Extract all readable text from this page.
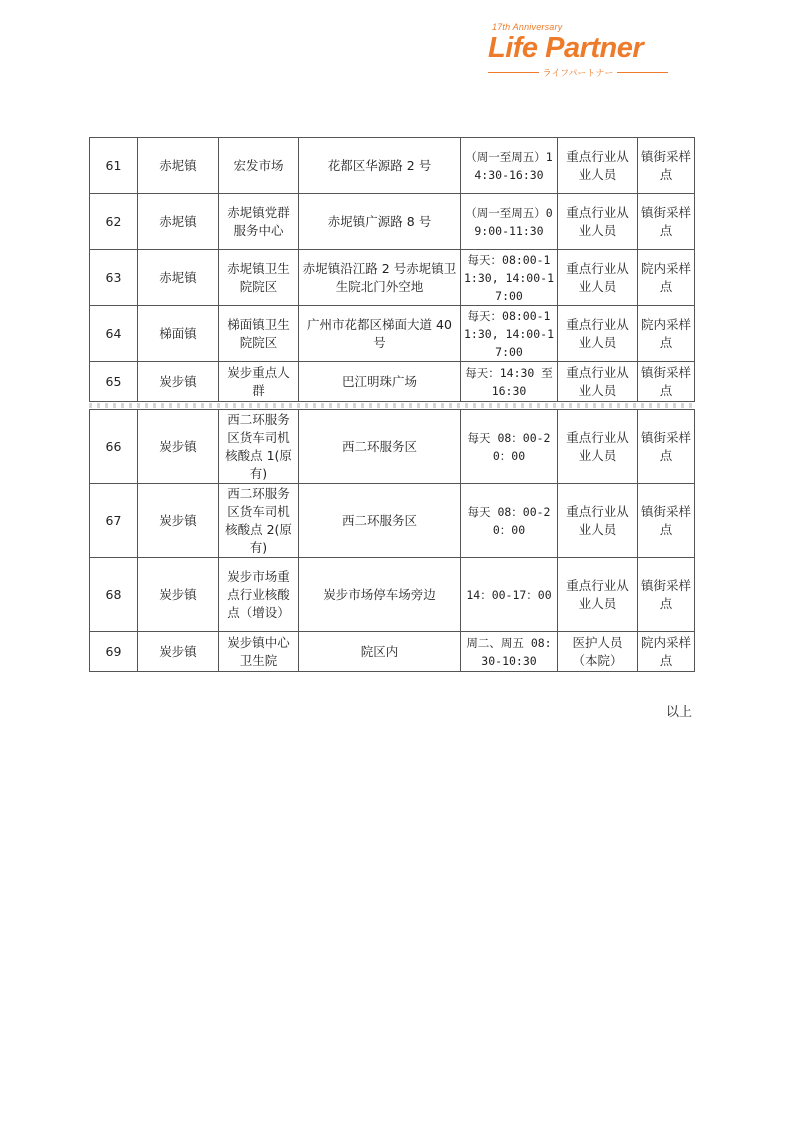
17th Anniversary
Life Partner
ライフパートナー
61	赤坭镇	宏发市场	花都区华源路 2 号	（周一至周五）14:30-16:30	重点行业从业人员	镇街采样点
62	赤坭镇	赤坭镇党群服务中心	赤坭镇广源路 8 号	（周一至周五）09:00-11:30	重点行业从业人员	镇街采样点
63	赤坭镇	赤坭镇卫生院院区	赤坭镇沿江路 2 号赤坭镇卫生院北门外空地	每天：08:00-11:30, 14:00-17:00	重点行业从业人员	院内采样点
64	梯面镇	梯面镇卫生院院区	广州市花都区梯面大道 40 号	每天：08:00-11:30, 14:00-17:00	重点行业从业人员	院内采样点
65	炭步镇	炭步重点人群	巴江明珠广场	每天：14:30 至 16:30	重点行业从业人员	镇街采样点
66	炭步镇	西二环服务区货车司机核酸点 1(原有)	西二环服务区	每天 08：00-20：00	重点行业从业人员	镇街采样点
67	炭步镇	西二环服务区货车司机核酸点 2(原有)	西二环服务区	每天 08：00-20：00	重点行业从业人员	镇街采样点
68	炭步镇	炭步市场重点行业核酸点（增设）	炭步市场停车场旁边	14：00-17：00	重点行业从业人员	镇街采样点
69	炭步镇	炭步镇中心卫生院	院区内	周二、周五 08:30-10:30	医护人员（本院）	院内采样点
以上
